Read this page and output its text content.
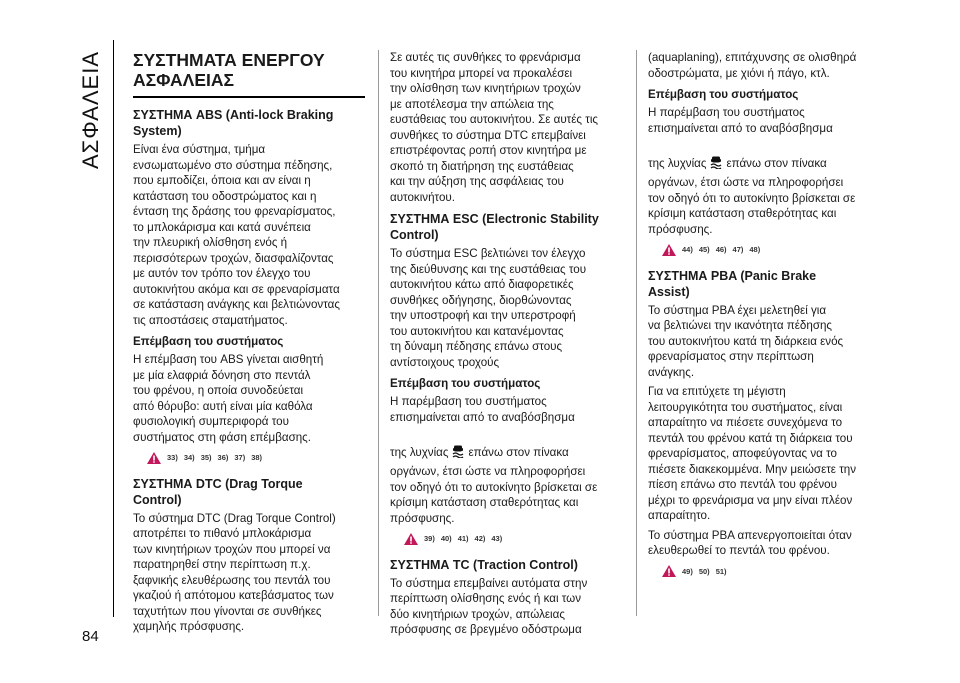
ΑΣΦΑΛΕΙΑ
84
ΣΥΣΤΗΜΑΤΑ ΕΝΕΡΓΟΥ
ΑΣΦΑΛΕΙΑΣ
ΣΥΣΤΗΜΑ ABS (Anti-lock Braking
System)

Είναι ένα σύστημα, τμήμα
ενσωματωμένο στο σύστημα πέδησης,
που εμποδίζει, όποια και αν είναι η
κατάσταση του οδοστρώματος και η
ένταση της δράσης του φρεναρίσματος,
το μπλοκάρισμα και κατά συνέπεια
την πλευρική ολίσθηση ενός ή
περισσότερων τροχών, διασφαλίζοντας
με αυτόν τον τρόπο τον έλεγχο του
αυτοκινήτου ακόμα και σε φρεναρίσματα
σε κατάσταση ανάγκης και βελτιώνοντας
τις αποστάσεις σταματήματος.

Επέμβαση του συστήματος

Η επέμβαση του ABS γίνεται αισθητή
με μία ελαφριά δόνηση στο πεντάλ
του φρένου, η οποία συνοδεύεται
από θόρυβο: αυτή είναι μία καθόλα
φυσιολογική συμπεριφορά του
συστήματος στη φάση επέμβασης.

33) 34) 35) 36) 37) 38)
ΣΥΣΤΗΜΑ DTC (Drag Torque
Control)

Το σύστημα DTC (Drag Torque Control)
αποτρέπει το πιθανό μπλοκάρισμα
των κινητήριων τροχών που μπορεί να
παρατηρηθεί στην περίπτωση π.χ.
ξαφνικής ελευθέρωσης του πεντάλ του
γκαζιού ή απότομου κατεβάσματος των
ταχυτήτων που γίνονται σε συνθήκες
χαμηλής πρόσφυσης.

Σε αυτές τις συνθήκες το φρενάρισμα
του κινητήρα μπορεί να προκαλέσει
την ολίσθηση των κινητήριων τροχών
με αποτέλεσμα την απώλεια της
ευστάθειας του αυτοκινήτου. Σε αυτές τις
συνθήκες το σύστημα DTC επεμβαίνει
επιστρέφοντας ροπή στον κινητήρα με
σκοπό τη διατήρηση της ευστάθειας
και την αύξηση της ασφάλειας του
αυτοκινήτου.

ΣΥΣΤΗΜΑ ESC (Electronic Stability
Control)

Το σύστημα ESC βελτιώνει τον έλεγχο
της διεύθυνσης και της ευστάθειας του
αυτοκινήτου κάτω από διαφορετικές
συνθήκες οδήγησης, διορθώνοντας
την υποστροφή και την υπερστροφή
του αυτοκινήτου και κατανέμοντας
τη δύναμη πέδησης επάνω στους
αντίστοιχους τροχούς

Επέμβαση του συστήματος

Η παρέμβαση του συστήματος
επισημαίνεται από το αναβόσβησμα

της λυχνίας επάνω στον πίνακα

οργάνων, έτσι ώστε να πληροφορήσει
τον οδηγό ότι το αυτοκίνητο βρίσκεται σε
κρίσιμη κατάσταση σταθερότητας και
πρόσφυσης.

39) 40) 41) 42) 43)
ΣΥΣΤΗΜΑ TC (Traction Control)

Το σύστημα επεμβαίνει αυτόματα στην
περίπτωση ολίσθησης ενός ή και των
δύο κινητήριων τροχών, απώλειας
πρόσφυσης σε βρεγμένο οδόστρωμα

(aquaplaning), επιτάχυνσης σε ολισθηρά
οδοστρώματα, με χιόνι ή πάγο, κτλ.

Επέμβαση του συστήματος

Η παρέμβαση του συστήματος
επισημαίνεται από το αναβόσβησμα

της λυχνίας επάνω στον πίνακα

οργάνων, έτσι ώστε να πληροφορήσει
τον οδηγό ότι το αυτοκίνητο βρίσκεται σε
κρίσιμη κατάσταση σταθερότητας και
πρόσφυσης.

44) 45) 46) 47) 48)
ΣΥΣΤΗΜΑ PBA (Panic Brake
Assist)

Το σύστημα PBA έχει μελετηθεί για
να βελτιώνει την ικανότητα πέδησης
του αυτοκινήτου κατά τη διάρκεια ενός
φρεναρίσματος στην περίπτωση
ανάγκης.

Για να επιτύχετε τη μέγιστη
λειτουργικότητα του συστήματος, είναι
απαραίτητο να πιέσετε συνεχόμενα το
πεντάλ του φρένου κατά τη διάρκεια του
φρεναρίσματος, αποφεύγοντας να το
πιέσετε διακεκομμένα. Μην μειώσετε την
πίεση επάνω στο πεντάλ του φρένου
μέχρι το φρενάρισμα να μην είναι πλέον
απαραίτητο.

Το σύστημα PBA απενεργοποιείται όταν
ελευθερωθεί το πεντάλ του φρένου.

49) 50) 51)
